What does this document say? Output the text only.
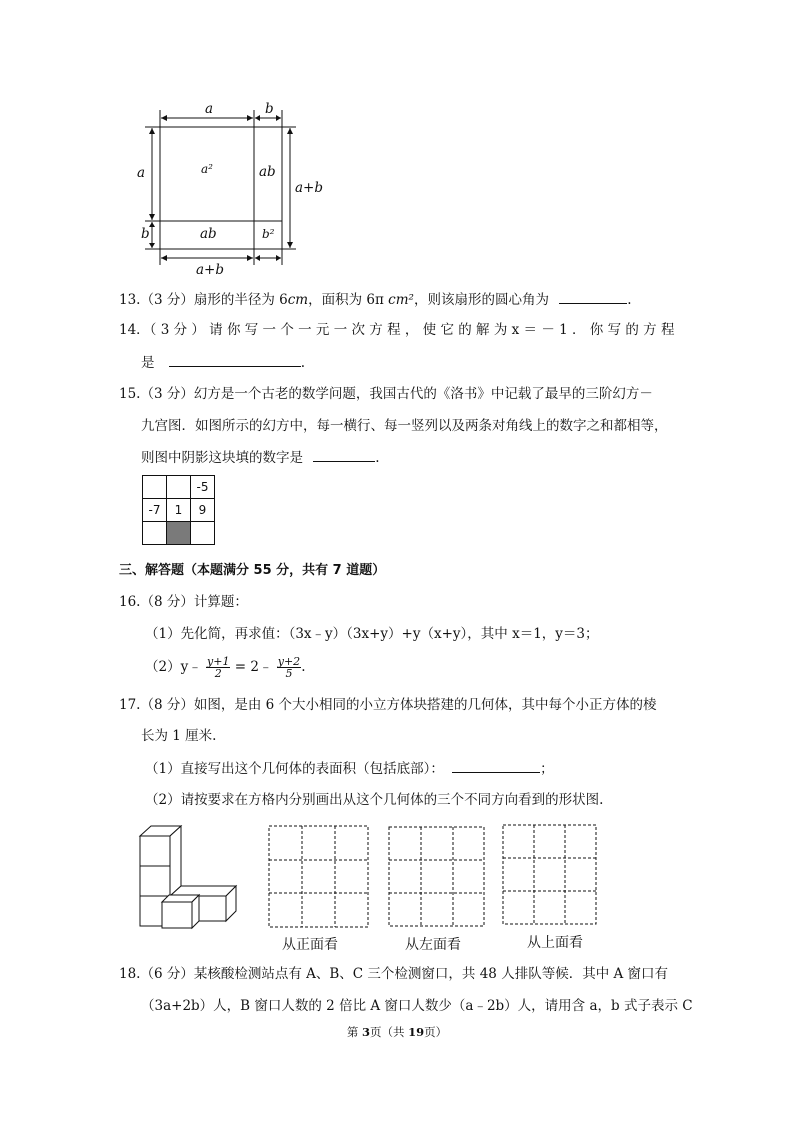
a	b
a
b
a²	ab
ab	b²
a+b
a+b
13.（3 分）扇形的半径为 6cm，面积为 6π cm²，则该扇形的圆心角为	.
14．（ 3 分 ） 请 你 写 一 个 一 元 一 次 方 程 ， 使 它 的 解 为 x ＝ － 1 ． 你 写 的 方 程
是	.
15.（3 分）幻方是一个古老的数学问题，我国古代的《洛书》中记载了最早的三阶幻方－
九宫图．如图所示的幻方中，每一横行、每一竖列以及两条对角线上的数字之和都相等，
则图中阴影这块填的数字是	.
		-5
-7	1	9

三、解答题（本题满分 55 分，共有 7 道题）
16.（8 分）计算题：
（1）先化简，再求值：（3x﹣y）（3x+y）+y（x+y），其中 x＝1，y＝3；
（2）y﹣ $\frac{y+1}{2}$ = 2﹣ $\frac{y+2}{5}$ .
17.（8 分）如图，是由 6 个大小相同的小立方体块搭建的几何体，其中每个小正方体的棱
长为 1 厘米.
（1）直接写出这个几何体的表面积（包括底部）：	；
（2）请按要求在方格内分别画出从这个几何体的三个不同方向看到的形状图.
从正面看	从左面看	从上面看
18.（6 分）某核酸检测站点有 A、B、C 三个检测窗口，共 48 人排队等候．其中 A 窗口有
（3a+2b）人，B 窗口人数的 2 倍比 A 窗口人数少（a﹣2b）人，请用含 a，b 式子表示 C
第 3页（共 19页）
